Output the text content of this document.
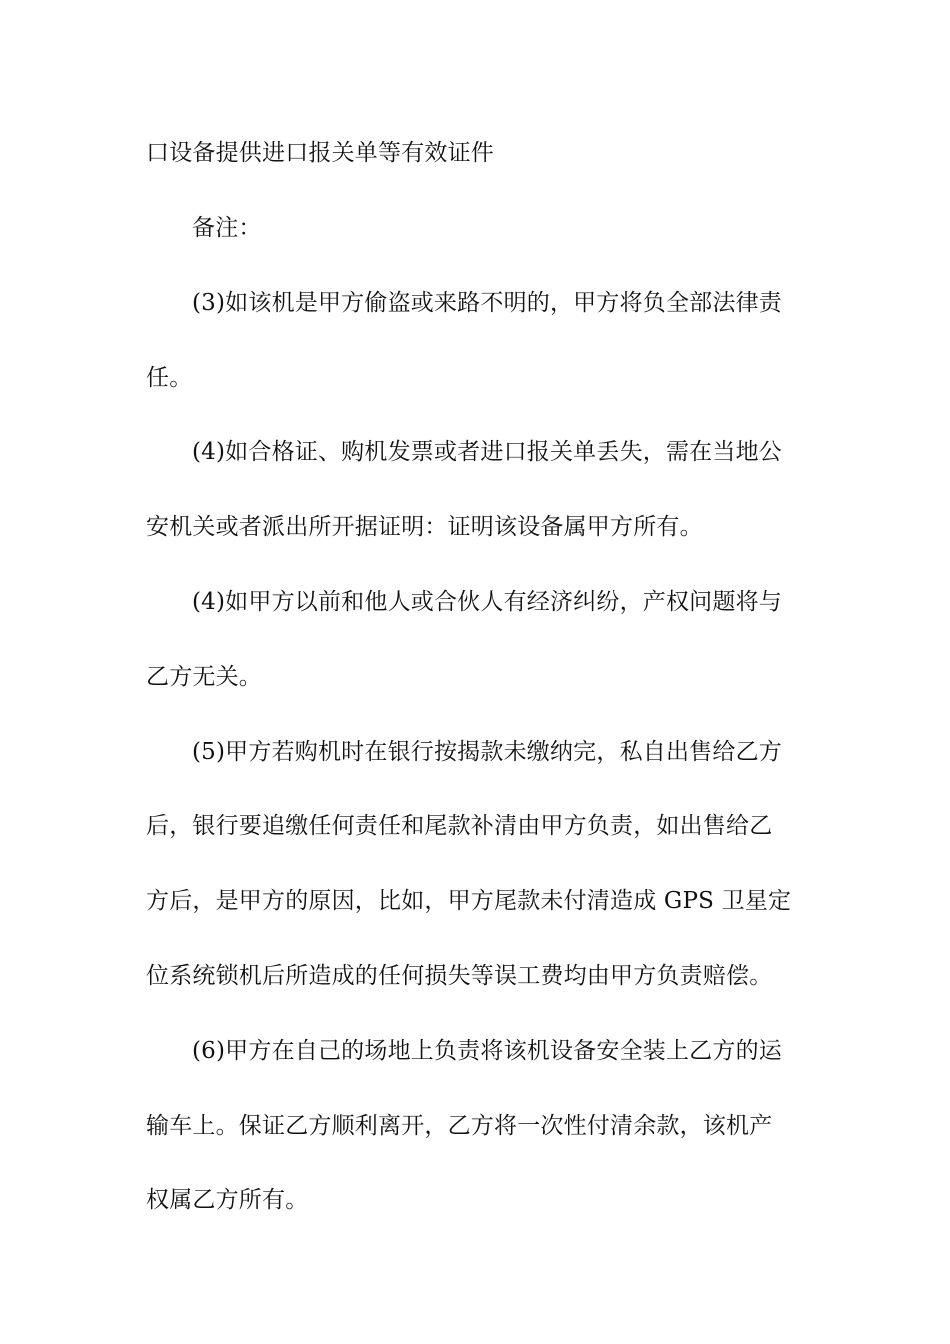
口设备提供进口报关单等有效证件
备注：
(3)如该机是甲方偷盗或来路不明的，甲方将负全部法律责
任。
(4)如合格证、购机发票或者进口报关单丢失，需在当地公
安机关或者派出所开据证明：证明该设备属甲方所有。
(4)如甲方以前和他人或合伙人有经济纠纷，产权问题将与
乙方无关。
(5)甲方若购机时在银行按揭款未缴纳完，私自出售给乙方
后，银行要追缴任何责任和尾款补清由甲方负责，如出售给乙
方后，是甲方的原因，比如，甲方尾款未付清造成 GPS 卫星定
位系统锁机后所造成的任何损失等误工费均由甲方负责赔偿。
(6)甲方在自己的场地上负责将该机设备安全装上乙方的运
输车上。保证乙方顺利离开，乙方将一次性付清余款，该机产
权属乙方所有。
